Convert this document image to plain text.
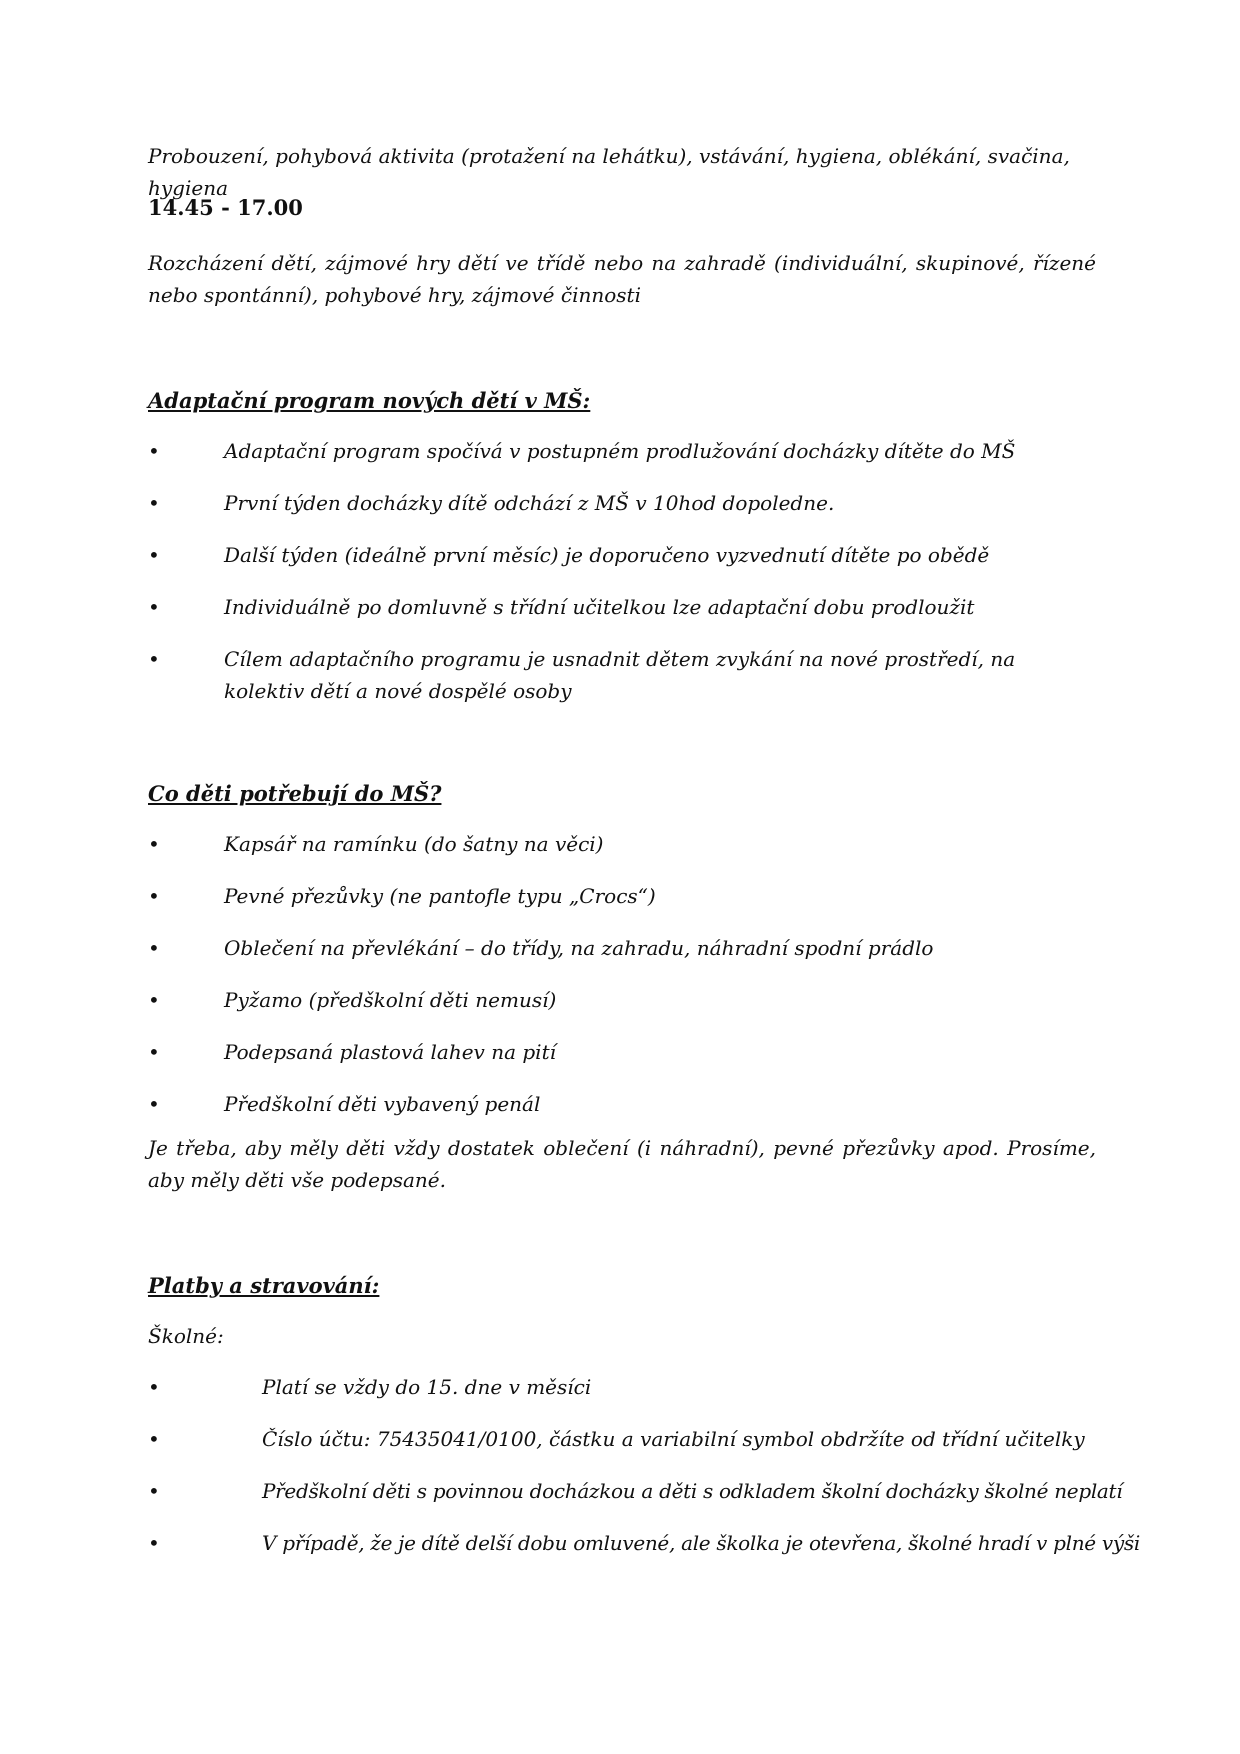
Probouzení, pohybová aktivita (protažení na lehátku), vstávání, hygiena, oblékání, svačina, hygiena

14.45 - 17.00

Rozcházení dětí, zájmové hry dětí ve třídě nebo na zahradě (individuální, skupinové, řízené nebo spontánní), pohybové hry, zájmové činnosti

Adaptační program nových dětí v MŠ:
•	Adaptační program spočívá v postupném prodlužování docházky dítěte do MŠ
•	První týden docházky dítě odchází z MŠ v 10hod dopoledne.
•	Další týden (ideálně první měsíc) je doporučeno vyzvednutí dítěte po obědě
•	Individuálně po domluvně s třídní učitelkou lze adaptační dobu prodloužit
•	Cílem adaptačního programu je usnadnit dětem zvykání na nové prostředí, na kolektiv dětí a nové dospělé osoby
Co děti potřebují do MŠ?
•	Kapsář na ramínku (do šatny na věci)
•	Pevné přezůvky (ne pantofle typu „Crocs“)
•	Oblečení na převlékání – do třídy, na zahradu, náhradní spodní prádlo
•	Pyžamo (předškolní děti nemusí)
•	Podepsaná plastová lahev na pití
•	Předškolní děti vybavený penál

Je třeba, aby měly děti vždy dostatek oblečení (i náhradní), pevné přezůvky apod. Prosíme, aby měly děti vše podepsané.

Platby a stravování:

Školné:

•	Platí se vždy do 15. dne v měsíci
•	Číslo účtu: 75435041/0100, částku a variabilní symbol obdržíte od třídní učitelky
•	Předškolní děti s povinnou docházkou a děti s odkladem školní docházky školné neplatí
•	V případě, že je dítě delší dobu omluvené, ale školka je otevřena, školné hradí v plné výši
